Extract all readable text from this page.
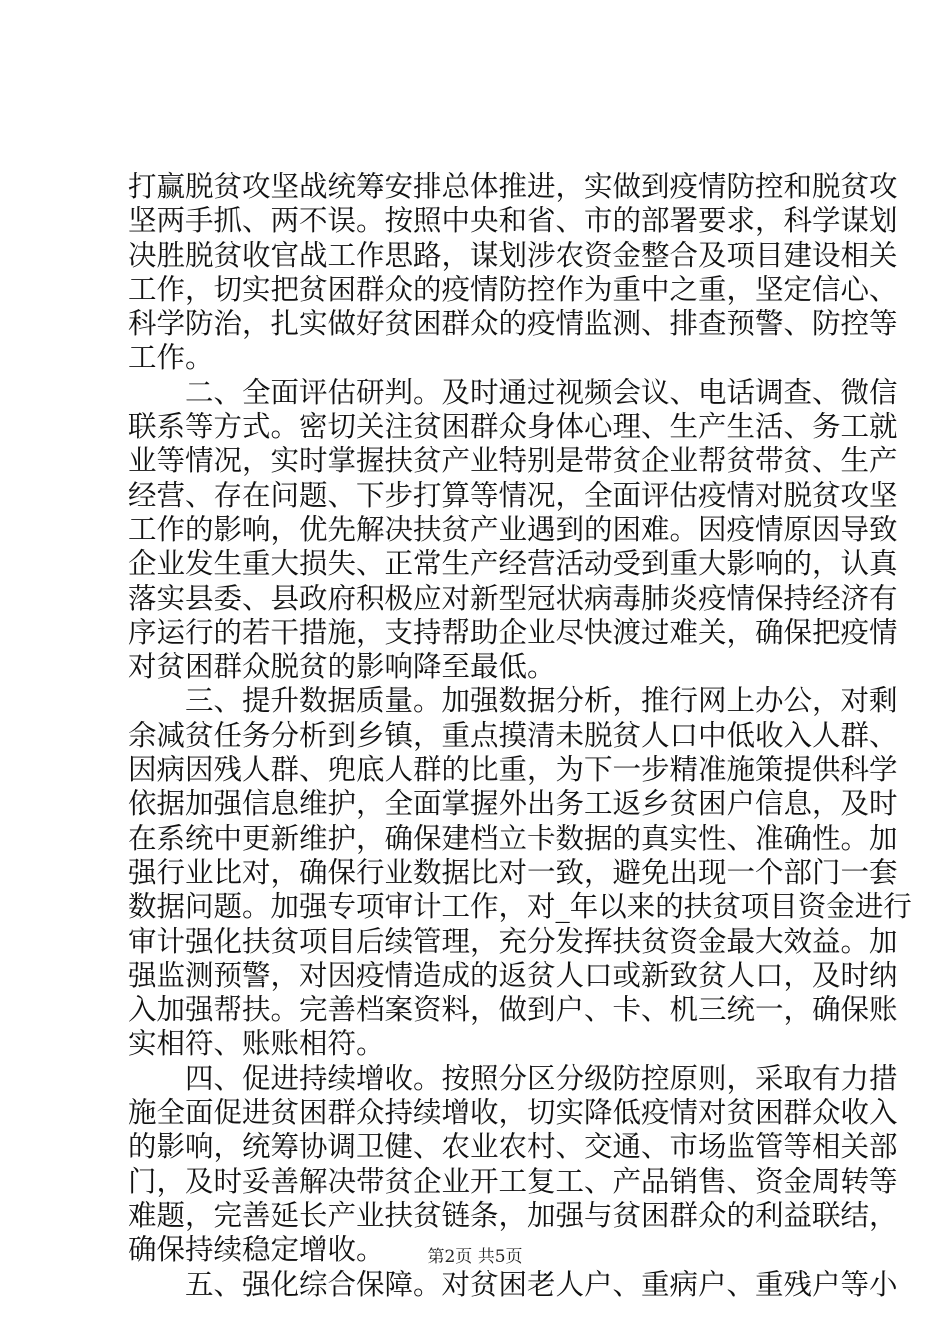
打赢脱贫攻坚战统筹安排总体推进，实做到疫情防控和脱贫攻
坚两手抓、两不误。按照中央和省、市的部署要求，科学谋划
决胜脱贫收官战工作思路，谋划涉农资金整合及项目建设相关
工作，切实把贫困群众的疫情防控作为重中之重，坚定信心、
科学防治，扎实做好贫困群众的疫情监测、排查预警、防控等
工作。
　　二、全面评估研判。及时通过视频会议、电话调查、微信
联系等方式。密切关注贫困群众身体心理、生产生活、务工就
业等情况，实时掌握扶贫产业特别是带贫企业帮贫带贫、生产
经营、存在问题、下步打算等情况，全面评估疫情对脱贫攻坚
工作的影响，优先解决扶贫产业遇到的困难。因疫情原因导致
企业发生重大损失、正常生产经营活动受到重大影响的，认真
落实县委、县政府积极应对新型冠状病毒肺炎疫情保持经济有
序运行的若干措施，支持帮助企业尽快渡过难关，确保把疫情
对贫困群众脱贫的影响降至最低。
　　三、提升数据质量。加强数据分析，推行网上办公，对剩
余减贫任务分析到乡镇，重点摸清未脱贫人口中低收入人群、
因病因残人群、兜底人群的比重，为下一步精准施策提供科学
依据加强信息维护，全面掌握外出务工返乡贫困户信息，及时
在系统中更新维护，确保建档立卡数据的真实性、准确性。加
强行业比对，确保行业数据比对一致，避免出现一个部门一套
数据问题。加强专项审计工作，对_年以来的扶贫项目资金进行
审计强化扶贫项目后续管理，充分发挥扶贫资金最大效益。加
强监测预警，对因疫情造成的返贫人口或新致贫人口，及时纳
入加强帮扶。完善档案资料，做到户、卡、机三统一，确保账
实相符、账账相符。
　　四、促进持续增收。按照分区分级防控原则，采取有力措
施全面促进贫困群众持续增收，切实降低疫情对贫困群众收入
的影响，统筹协调卫健、农业农村、交通、市场监管等相关部
门，及时妥善解决带贫企业开工复工、产品销售、资金周转等
难题，完善延长产业扶贫链条，加强与贫困群众的利益联结，
确保持续稳定增收。
　　五、强化综合保障。对贫困老人户、重病户、重残户等小
第2页 共5页
